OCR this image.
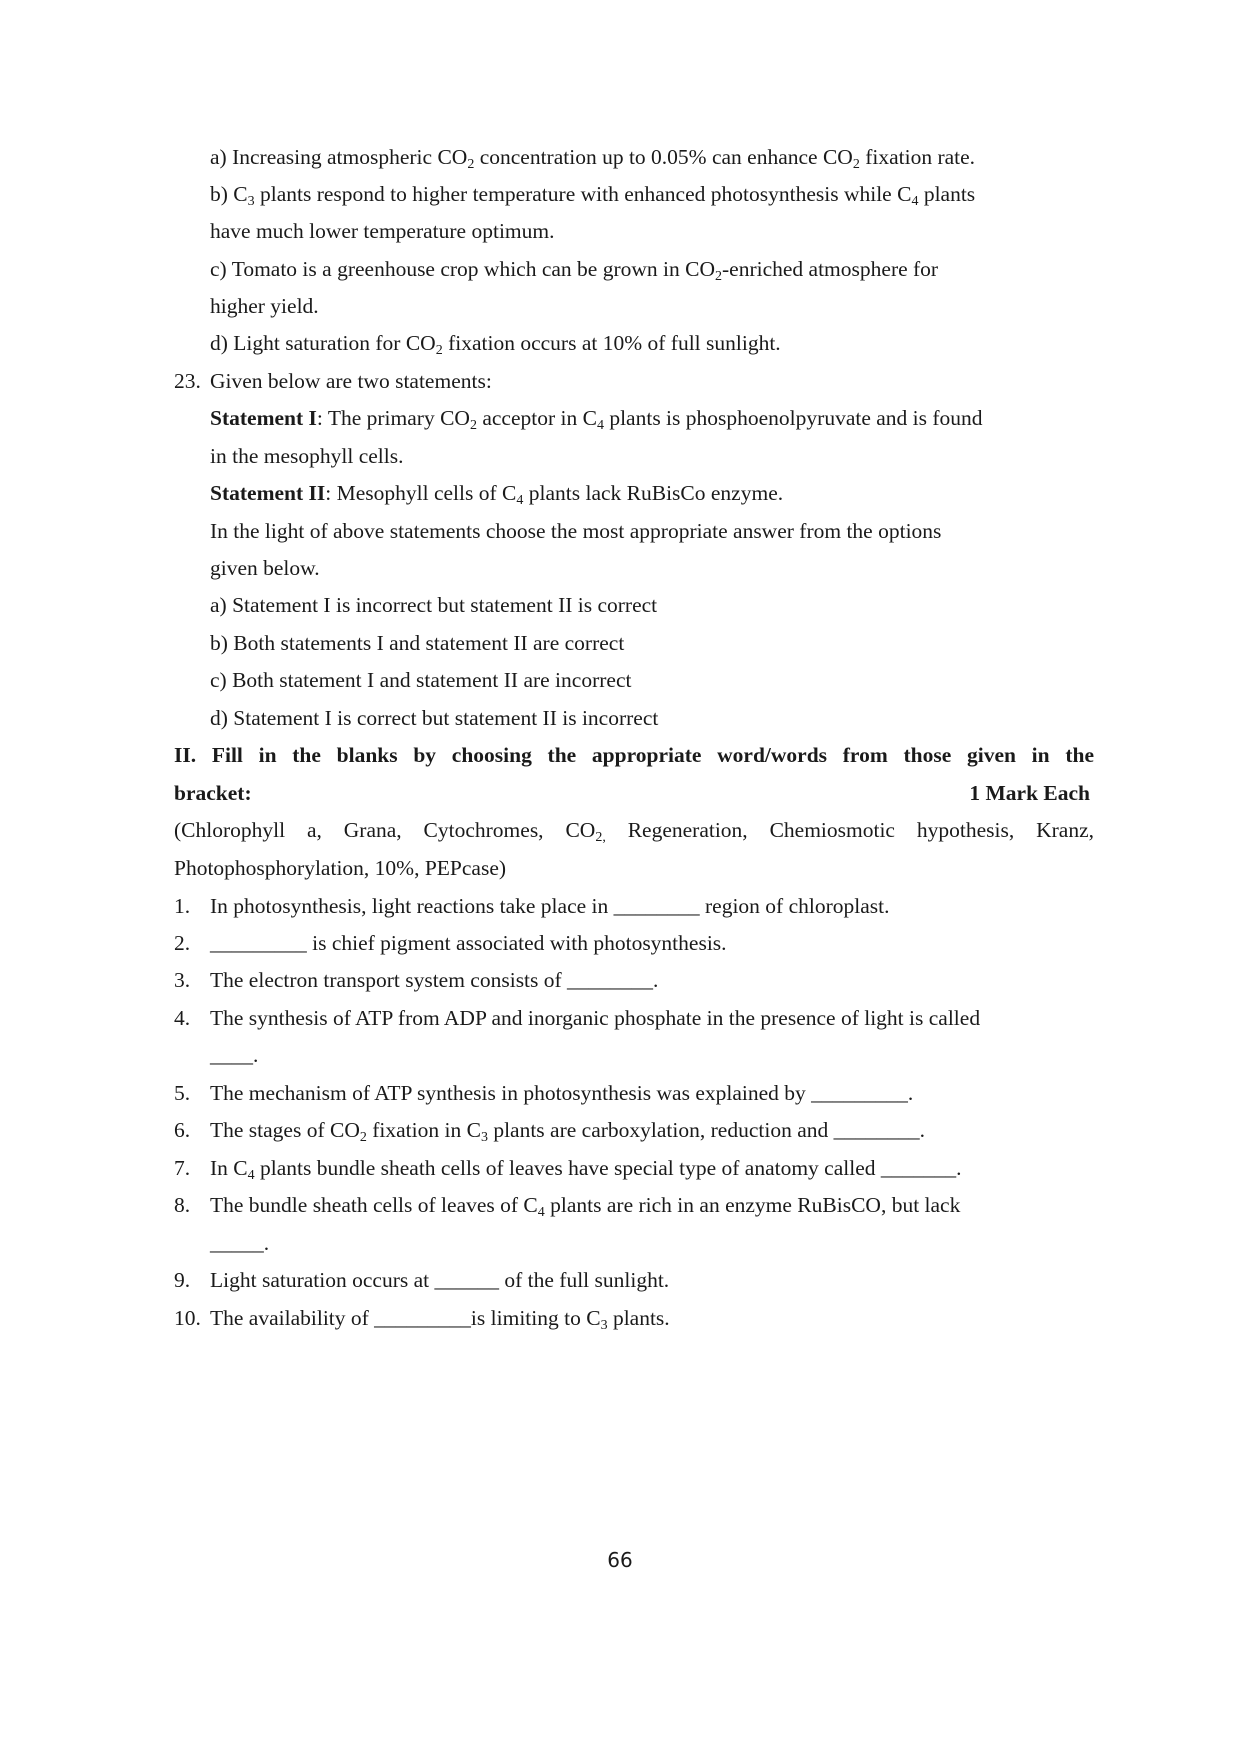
a) Increasing atmospheric $CO_2$ concentration up to 0.05% can enhance $CO_2$ fixation rate.
b) $C_3$ plants respond to higher temperature with enhanced photosynthesis while $C_4$ plants
have much lower temperature optimum.
c) Tomato is a greenhouse crop which can be grown in $CO_2$-enriched atmosphere for
higher yield.
d) Light saturation for $CO_2$ fixation occurs at 10% of full sunlight.
23. Given below are two statements:
Statement I: The primary $CO_2$ acceptor in $C_4$ plants is phosphoenolpyruvate and is found
in the mesophyll cells.
Statement II: Mesophyll cells of $C_4$ plants lack RuBisCo enzyme.
In the light of above statements choose the most appropriate answer from the options
given below.
a) Statement I is incorrect but statement II is correct
b) Both statements I and statement II are correct
c) Both statement I and statement II are incorrect
d) Statement I is correct but statement II is incorrect
II. Fill in the blanks by choosing the appropriate word/words from those given in the
bracket:	1 Mark Each
(Chlorophyll a, Grana, Cytochromes, $CO_{2,}$ Regeneration, Chemiosmotic hypothesis, Kranz,
Photophosphorylation, 10%, PEPcase)
1. In photosynthesis, light reactions take place in ________ region of chloroplast.
2. _________ is chief pigment associated with photosynthesis.
3. The electron transport system consists of ________.
4. The synthesis of ATP from ADP and inorganic phosphate in the presence of light is called
____.
5. The mechanism of ATP synthesis in photosynthesis was explained by _________.
6. The stages of $CO_2$ fixation in $C_3$ plants are carboxylation, reduction and ________.
7. In $C_4$ plants bundle sheath cells of leaves have special type of anatomy called _______.
8. The bundle sheath cells of leaves of $C_4$ plants are rich in an enzyme RuBisCO, but lack
_____.
9. Light saturation occurs at ______ of the full sunlight.
10. The availability of _________is limiting to $C_3$ plants.
66
